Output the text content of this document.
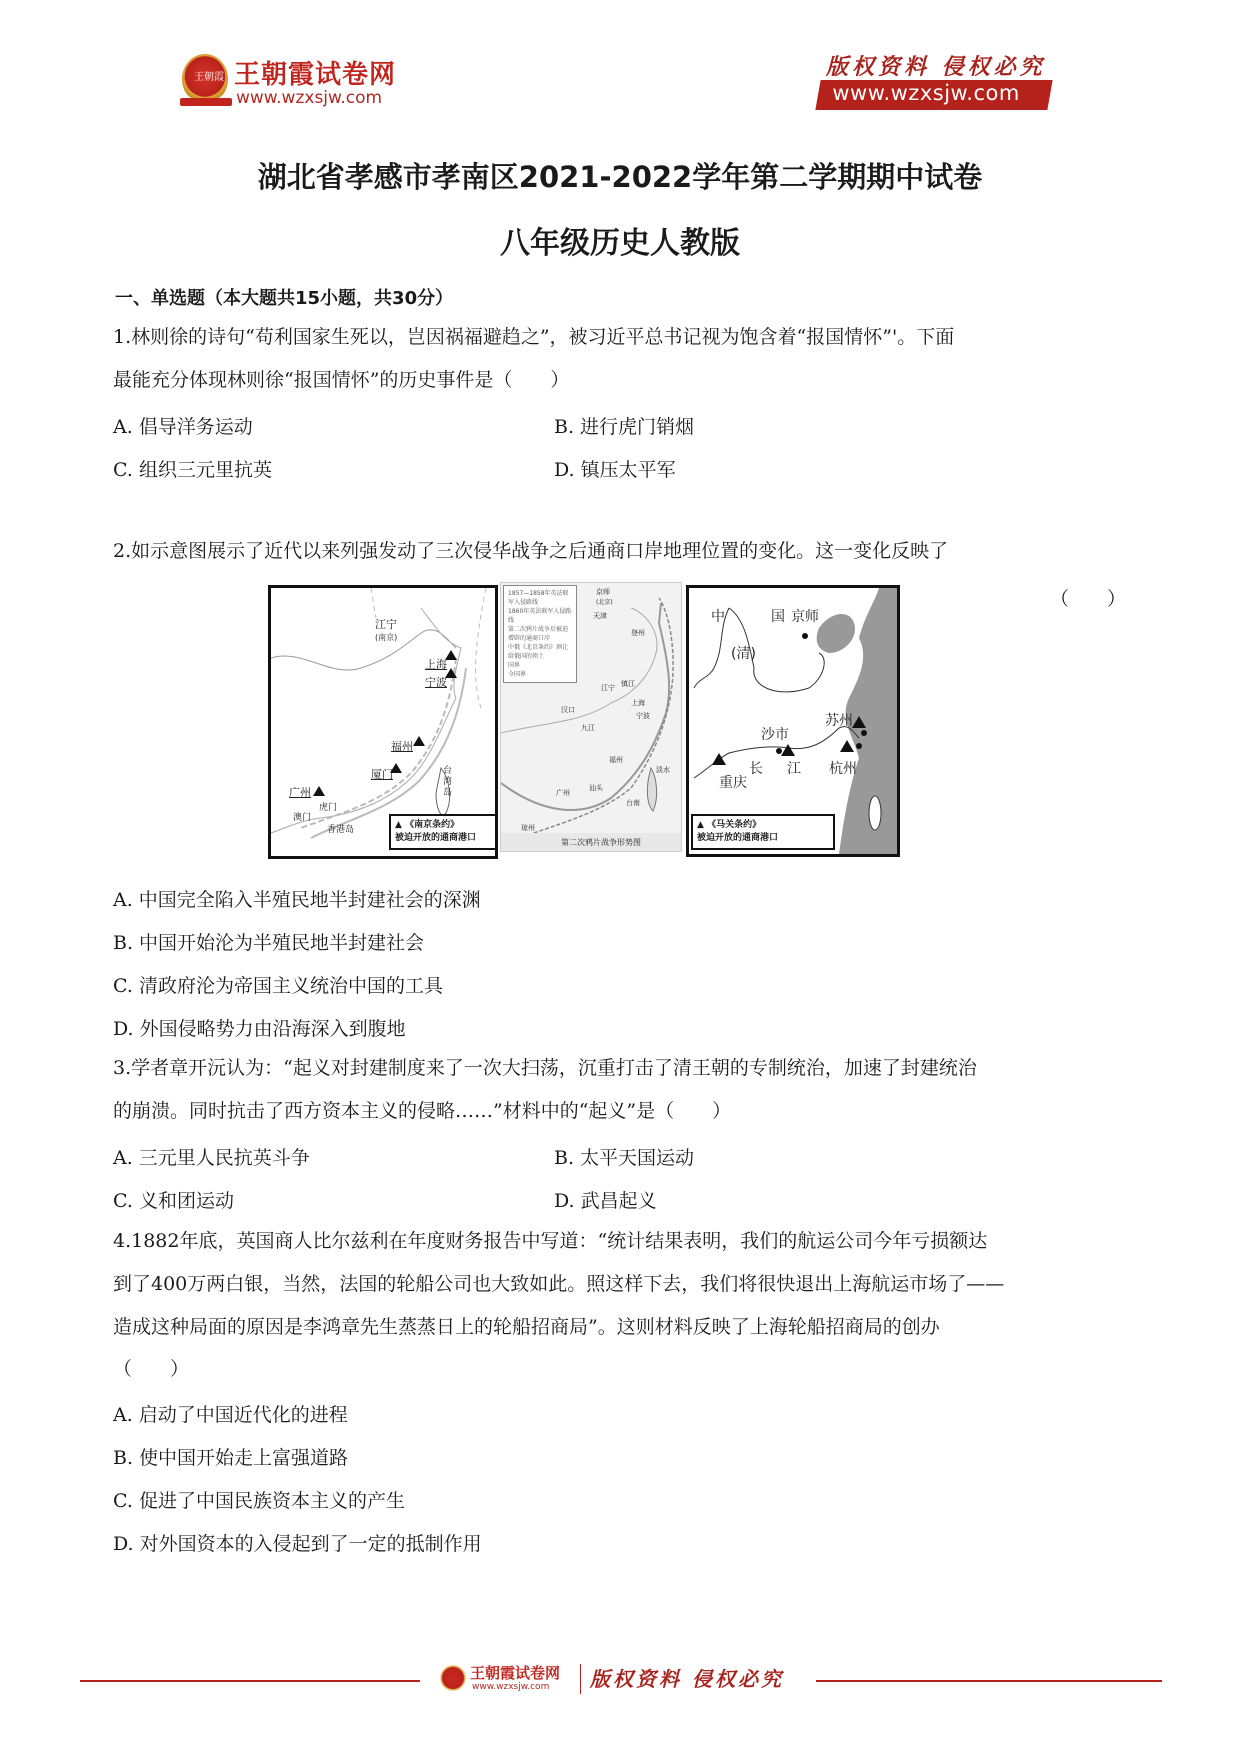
王朝霞 王朝霞试卷网
www.wzxsjw.com
版权资料 侵权必究
www.wzxsjw.com
湖北省孝感市孝南区2021-2022学年第二学期期中试卷
八年级历史人教版
一、单选题（本大题共15小题，共30分）
1.林则徐的诗句“苟利国家生死以，岂因祸福避趋之”，被习近平总书记视为饱含着“报国情怀”'。下面
最能充分体现林则徐“报国情怀”的历史事件是（　　）
A. 倡导洋务运动	B. 进行虎门销烟
C. 组织三元里抗英	D. 镇压太平军
2.如示意图展示了近代以来列强发动了三次侵华战争之后通商口岸地理位置的变化。这一变化反映了
（　　）
江宁
(南京)
上海
宁波
福州
厦门
广州
虎门
澳门
香港岛
台湾岛
▲ 《南京条约》
被迫开放的通商港口
1857—1858年英法联军入侵路线
1860年英法联军入侵路线
第二次鸦片战争后被迫增辟的通商口岸
中俄《北京条约》割让给俄国的领土
国界
今国界
京师
(北京)
天津
登州
江宁 镇江
汉口
九江
上海
宁波
福州
汕头
广州
淡水
台南
琼州
第二次鸦片战争形势图
中	国 京师
(清)
苏州
沙市
长 江 杭州
重庆
▲ 《马关条约》
被迫开放的通商港口
A. 中国完全陷入半殖民地半封建社会的深渊
B. 中国开始沦为半殖民地半封建社会
C. 清政府沦为帝国主义统治中国的工具
D. 外国侵略势力由沿海深入到腹地
3.学者章开沅认为：“起义对封建制度来了一次大扫荡，沉重打击了清王朝的专制统治，加速了封建统治
的崩溃。同时抗击了西方资本主义的侵略……”材料中的“起义”是（　　）
A. 三元里人民抗英斗争	B. 太平天国运动
C. 义和团运动	D. 武昌起义
4.1882年底，英国商人比尔兹利在年度财务报告中写道：“统计结果表明，我们的航运公司今年亏损额达
到了400万两白银，当然，法国的轮船公司也大致如此。照这样下去，我们将很快退出上海航运市场了——
造成这种局面的原因是李鸿章先生蒸蒸日上的轮船招商局”。这则材料反映了上海轮船招商局的创办
（　　）
A. 启动了中国近代化的进程
B. 使中国开始走上富强道路
C. 促进了中国民族资本主义的产生
D. 对外国资本的入侵起到了一定的抵制作用
王朝霞试卷网
www.wzxsjw.com 版权资料 侵权必究
